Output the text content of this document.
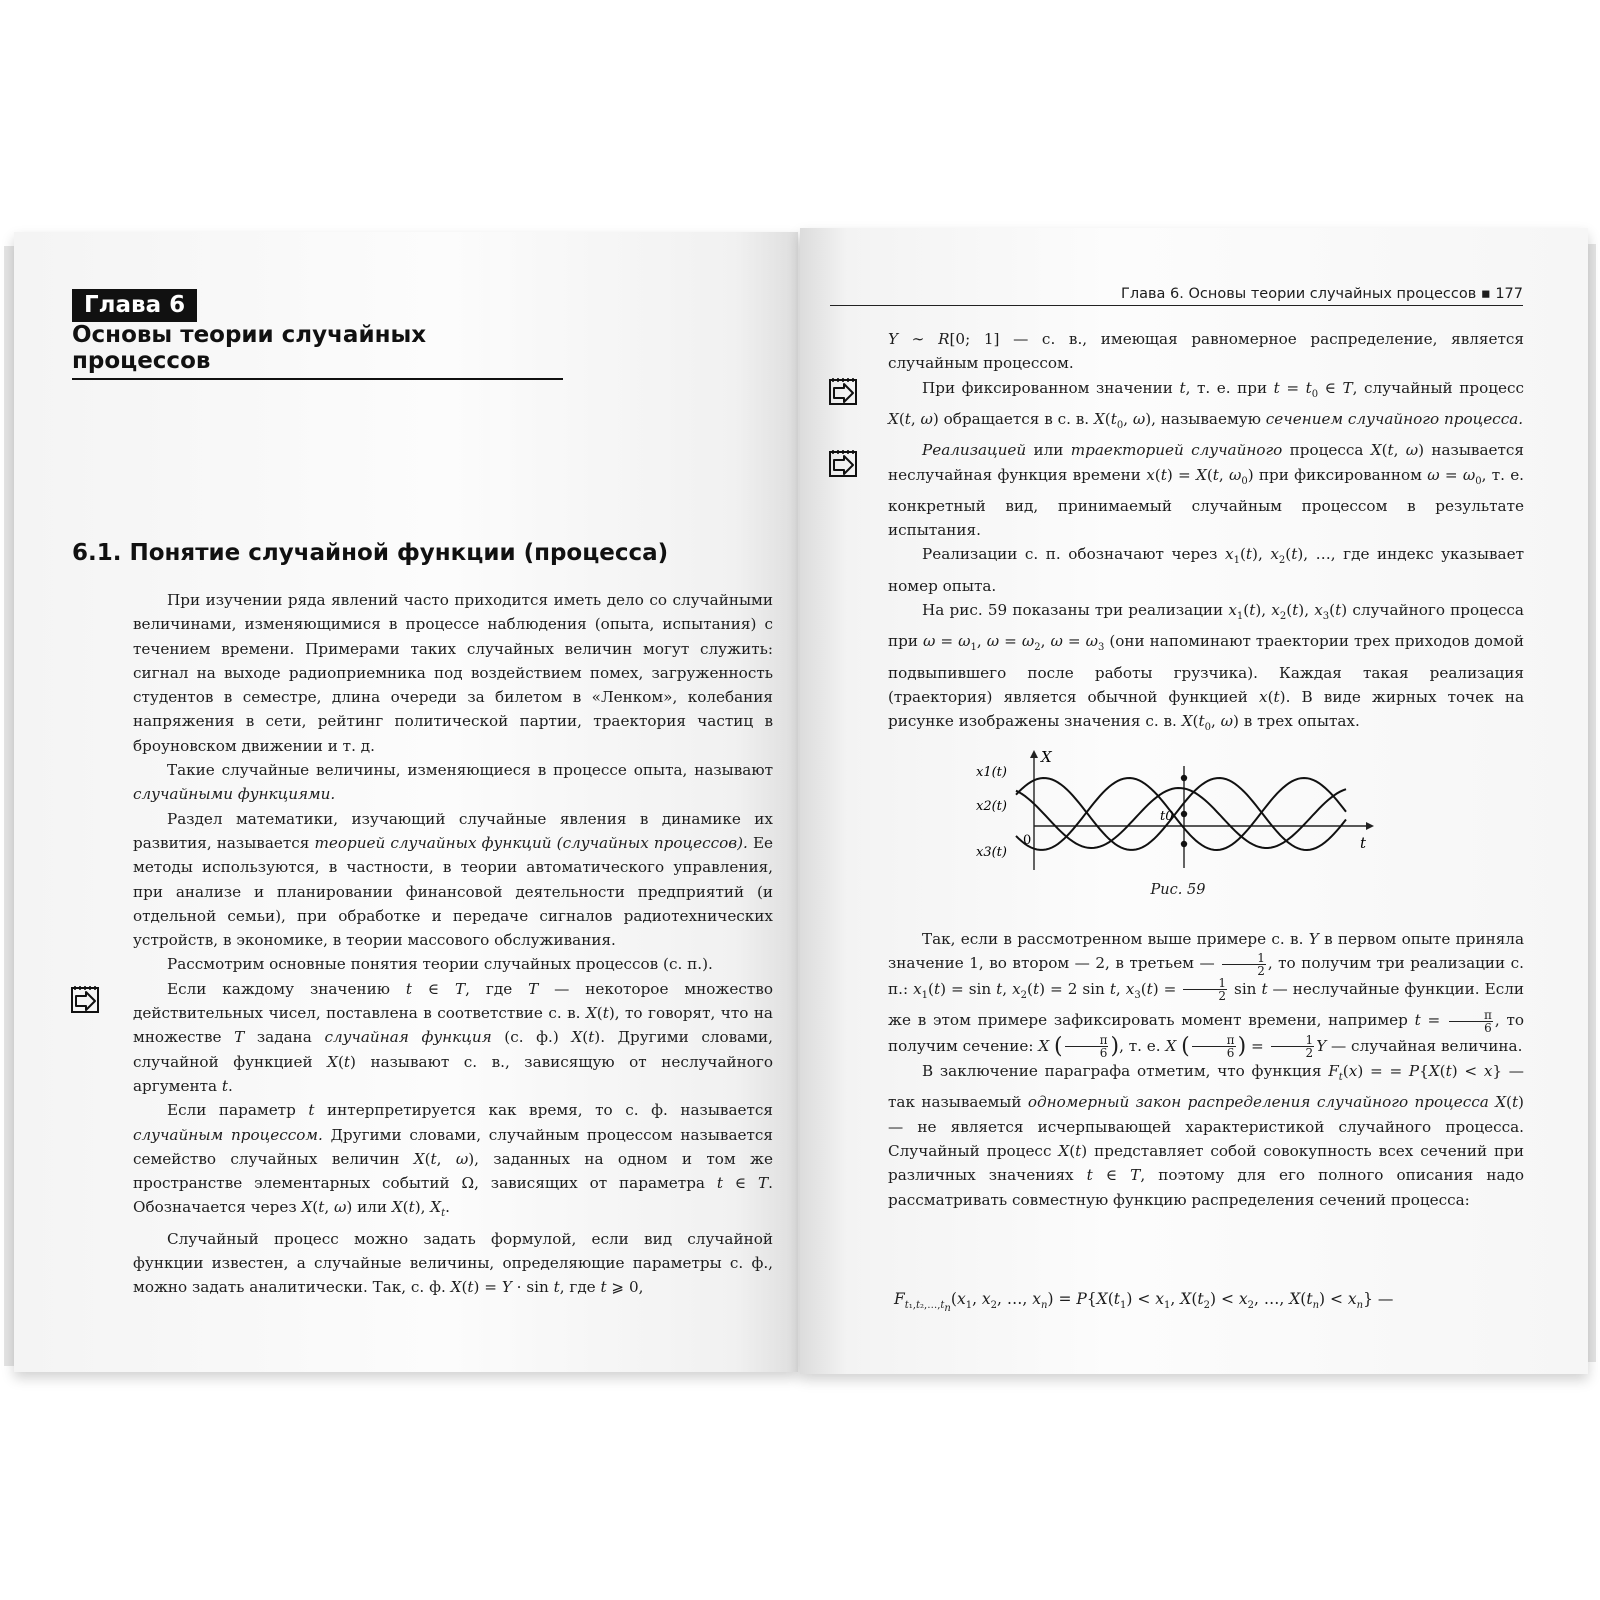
Глава 6
Основы теории случайных процессов
6.1. Понятие случайной функции (процесса)

При изучении ряда явлений часто приходится иметь дело со случайными величинами, изменяющимися в процессе наблюдения (опыта, испытания) с течением времени. Примерами таких случайных величин могут служить: сигнал на выходе радиоприемника под воздействием помех, загруженность студентов в семестре, длина очереди за билетом в «Ленком», колебания напряжения в сети, рейтинг политической партии, траектория частиц в броуновском движении и т. д.

Такие случайные величины, изменяющиеся в процессе опыта, называют случайными функциями.

Раздел математики, изучающий случайные явления в динамике их развития, называется теорией случайных функций (случайных процессов). Ее методы используются, в частности, в теории автоматического управления, при анализе и планировании финансовой деятельности предприятий (и отдельной семьи), при обработке и передаче сигналов радиотехнических устройств, в экономике, в теории массового обслуживания.

Рассмотрим основные понятия теории случайных процессов (с. п.).

Если каждому значению t ∈ T, где T — некоторое множество действительных чисел, поставлена в соответствие с. в. X(t), то говорят, что на множестве T задана случайная функция (с. ф.) X(t). Другими словами, случайной функцией X(t) называют с. в., зависящую от неслучайного аргумента t.

Если параметр t интерпретируется как время, то с. ф. называется случайным процессом. Другими словами, случайным процессом называется семейство случайных величин X(t, ω), заданных на одном и том же пространстве элементарных событий Ω, зависящих от параметра t ∈ T. Обозначается через X(t, ω) или X(t), $X_t$.

Случайный процесс можно задать формулой, если вид случайной функции известен, а случайные величины, определяющие параметры с. ф., можно задать аналитически. Так, с. ф. X(t) = Y · sin t, где t ⩾ 0,

Глава 6. Основы теории случайных процессов ▪ 177

Y ∼ R[0; 1] — с. в., имеющая равномерное распределение, является случайным процессом.

При фиксированном значении t, т. е. при $t = t_0$ ∈ T, случайный процесс X(t, ω) обращается в с. в. $X(t_0$, ω), называемую сечением случайного процесса.

Реализацией или траекторией случайного процесса X(t, ω) называется неслучайная функция времени x(t) = X(t, $\omega_0$) при фиксированном $\omega = \omega_0$, т. е. конкретный вид, принимаемый случайным процессом в результате испытания.

Реализации с. п. обозначают через $x_1(t)$, $x_2(t)$, …, где индекс указывает номер опыта.

На рис. 59 показаны три реализации $x_1(t)$, $x_2(t)$, $x_3(t)$ случайного процесса при $\omega = \omega_1$, $\omega = \omega_2$, $\omega = \omega_3$ (они напоминают траектории трех приходов домой подвыпившего после работы грузчика). Каждая такая реализация (траектория) является обычной функцией x(t). В виде жирных точек на рисунке изображены значения с. в. $X(t_0$, ω) в трех опытах.

X
t
0
t0
x1(t)
x2(t)
x3(t)
Рис. 59

Так, если в рассмотренном выше примере с. в. Y в первом опыте приняла значение 1, во втором — 2, в третьем — $\frac{1}{2}$ , то получим три реализации с. п.: $x_1(t) = \sin t$, $x_2(t) = 2$ sin t, $x_3(t) = \frac{1}{2}$ sin t — неслучайные функции. Если же в этом примере зафиксировать момент времени, например $t = \frac{\pi}{6}$ , то получим сечение: X ( $\frac{\pi}{6}$ ), т. е. X ( $\frac{\pi}{6}$ ) = $\frac{1}{2}$ Y — случайная величина.

В заключение параграфа отметим, что функция $F_t(x)$ = = P{X(t) < x} — так называемый одномерный закон распределения случайного процесса X(t) — не является исчерпывающей характеристикой случайного процесса. Случайный процесс X(t) представляет собой совокупность всех сечений при различных значениях t ∈ T, поэтому для его полного описания надо рассматривать совместную функцию распределения сечений процесса:

$F_{t_1,t_2,\dots,t_n}(x_1$, $x_2$, …, $x_n) = P\{X(t_1) < x_1$, $X(t_2) < x_2$, …, $X(t_n) < x_n$} —
